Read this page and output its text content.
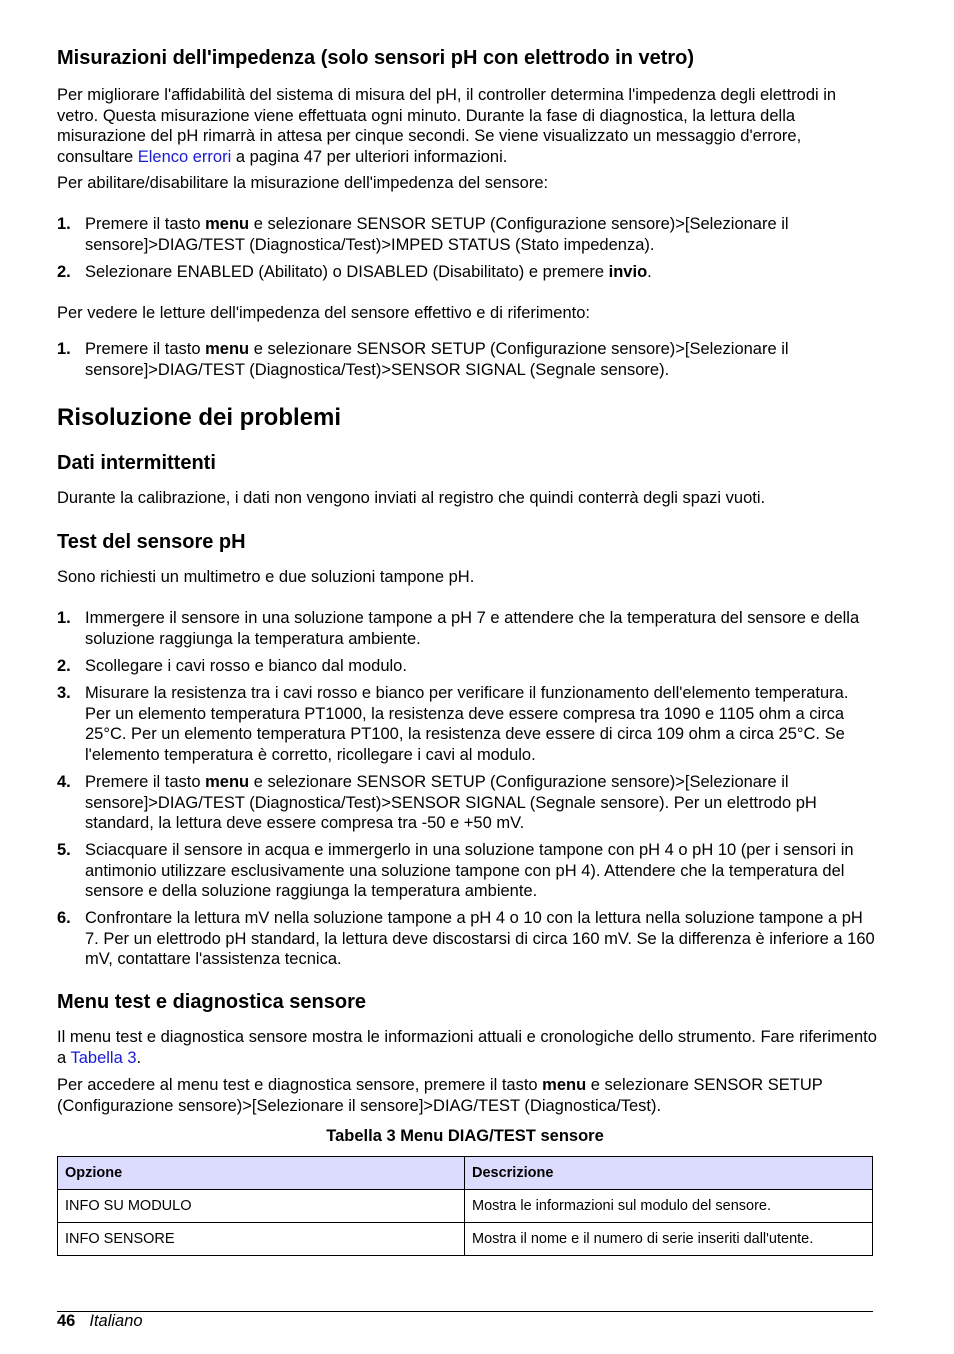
Misurazioni dell'impedenza (solo sensori pH con elettrodo in vetro)

Per migliorare l'affidabilità del sistema di misura del pH, il controller determina l'impedenza degli elettrodi in vetro. Questa misurazione viene effettuata ogni minuto. Durante la fase di diagnostica, la lettura della misurazione del pH rimarrà in attesa per cinque secondi. Se viene visualizzato un messaggio d'errore, consultare Elenco errori a pagina 47 per ulteriori informazioni.

Per abilitare/disabilitare la misurazione dell'impedenza del sensore:

1. Premere il tasto menu e selezionare SENSOR SETUP (Configurazione sensore)>[Selezionare il sensore]>DIAG/TEST (Diagnostica/Test)>IMPED STATUS (Stato impedenza).
2. Selezionare ENABLED (Abilitato) o DISABLED (Disabilitato) e premere invio.

Per vedere le letture dell'impedenza del sensore effettivo e di riferimento:

1. Premere il tasto menu e selezionare SENSOR SETUP (Configurazione sensore)>[Selezionare il sensore]>DIAG/TEST (Diagnostica/Test)>SENSOR SIGNAL (Segnale sensore).
Risoluzione dei problemi
Dati intermittenti

Durante la calibrazione, i dati non vengono inviati al registro che quindi conterrà degli spazi vuoti.

Test del sensore pH

Sono richiesti un multimetro e due soluzioni tampone pH.

1. Immergere il sensore in una soluzione tampone a pH 7 e attendere che la temperatura del sensore e della soluzione raggiunga la temperatura ambiente.
2. Scollegare i cavi rosso e bianco dal modulo.
3. Misurare la resistenza tra i cavi rosso e bianco per verificare il funzionamento dell'elemento temperatura. Per un elemento temperatura PT1000, la resistenza deve essere compresa tra 1090 e 1105 ohm a circa 25°C. Per un elemento temperatura PT100, la resistenza deve essere di circa 109 ohm a circa 25°C. Se l'elemento temperatura è corretto, ricollegare i cavi al modulo.
4. Premere il tasto menu e selezionare SENSOR SETUP (Configurazione sensore)>[Selezionare il sensore]>DIAG/TEST (Diagnostica/Test)>SENSOR SIGNAL (Segnale sensore). Per un elettrodo pH standard, la lettura deve essere compresa tra -50 e +50 mV.
5. Sciacquare il sensore in acqua e immergerlo in una soluzione tampone con pH 4 o pH 10 (per i sensori in antimonio utilizzare esclusivamente una soluzione tampone con pH 4). Attendere che la temperatura del sensore e della soluzione raggiunga la temperatura ambiente.
6. Confrontare la lettura mV nella soluzione tampone a pH 4 o 10 con la lettura nella soluzione tampone a pH 7. Per un elettrodo pH standard, la lettura deve discostarsi di circa 160 mV. Se la differenza è inferiore a 160 mV, contattare l'assistenza tecnica.
Menu test e diagnostica sensore

Il menu test e diagnostica sensore mostra le informazioni attuali e cronologiche dello strumento. Fare riferimento a Tabella 3.

Per accedere al menu test e diagnostica sensore, premere il tasto menu e selezionare SENSOR SETUP (Configurazione sensore)>[Selezionare il sensore]>DIAG/TEST (Diagnostica/Test).

Tabella 3 Menu DIAG/TEST sensore
Opzione	Descrizione
INFO SU MODULO	Mostra le informazioni sul modulo del sensore.
INFO SENSORE	Mostra il nome e il numero di serie inseriti dall'utente.
46 Italiano
